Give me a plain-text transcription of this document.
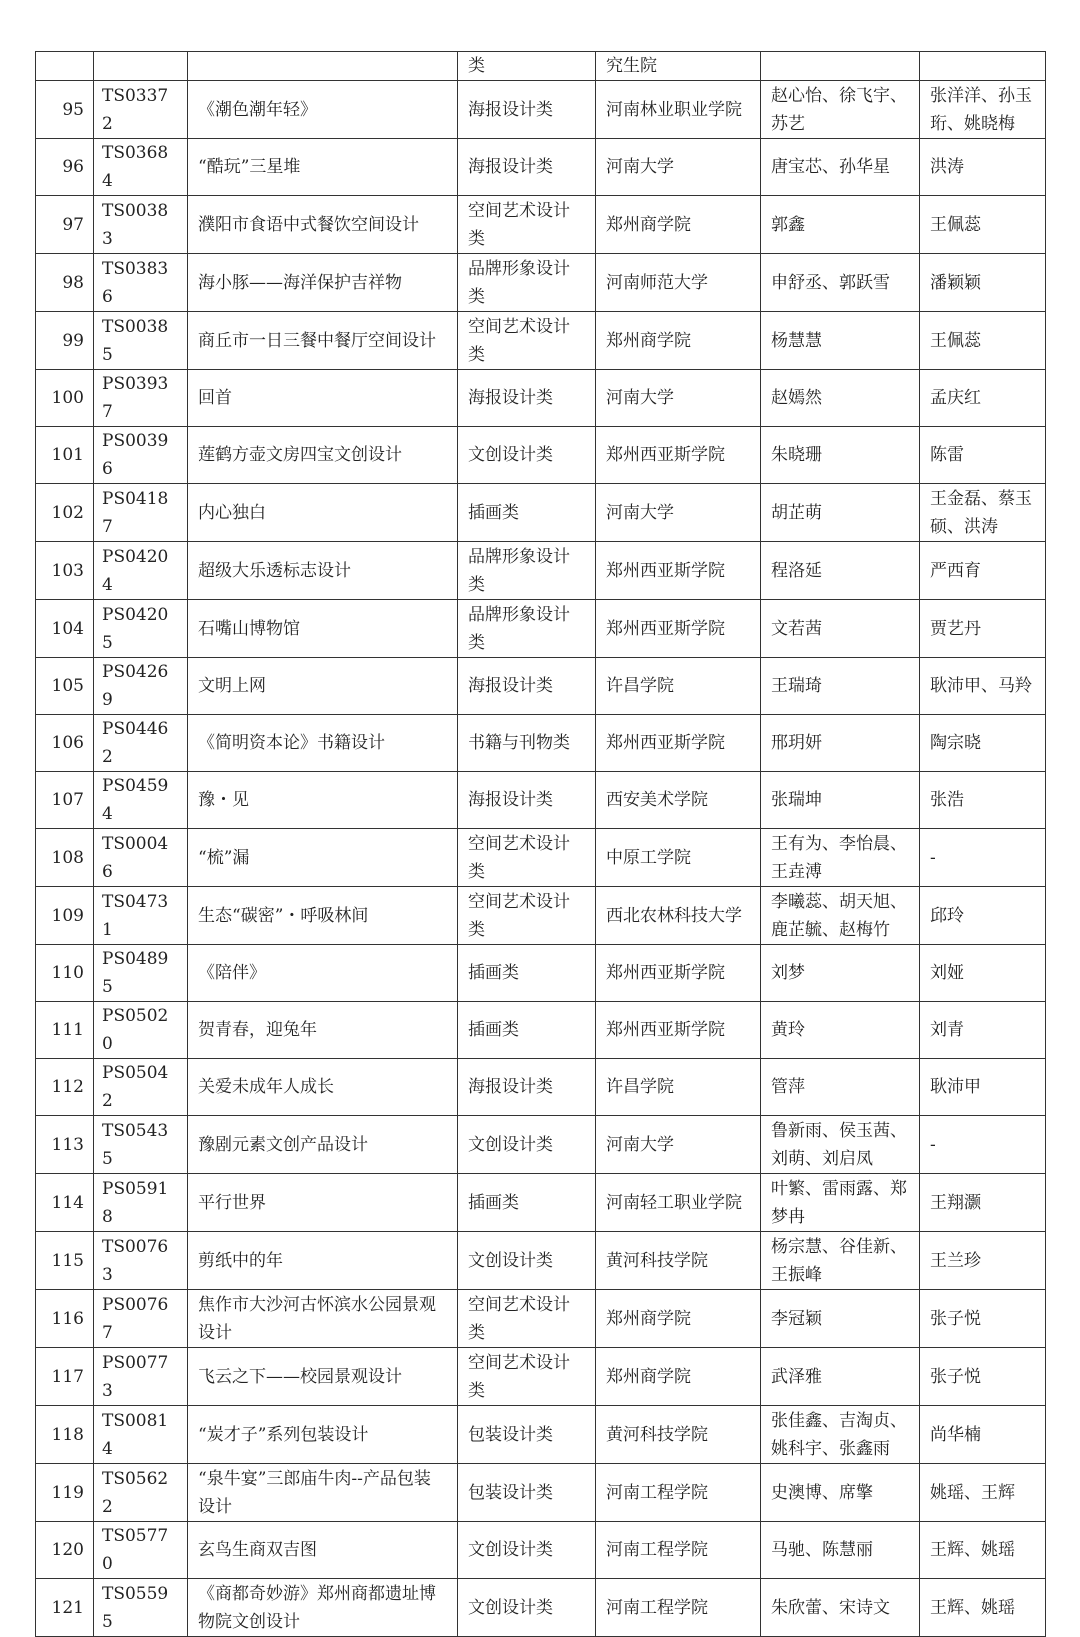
			类	究生院		
95	TS03372	《潮色潮年轻》	海报设计类	河南林业职业学院	赵心怡、徐飞宇、苏艺	张洋洋、孙玉珩、姚晓梅
96	TS03684	“酷玩”三星堆	海报设计类	河南大学	唐宝芯、孙华星	洪涛
97	TS00383	濮阳市食语中式餐饮空间设计	空间艺术设计类	郑州商学院	郭鑫	王佩蕊
98	TS03836	海小豚——海洋保护吉祥物	品牌形象设计类	河南师范大学	申舒丞、郭跃雪	潘颖颖
99	TS00385	商丘市一日三餐中餐厅空间设计	空间艺术设计类	郑州商学院	杨慧慧	王佩蕊
100	PS03937	回首	海报设计类	河南大学	赵嫣然	孟庆红
101	PS00396	莲鹤方壶文房四宝文创设计	文创设计类	郑州西亚斯学院	朱晓珊	陈雷
102	PS04187	内心独白	插画类	河南大学	胡芷萌	王金磊、蔡玉硕、洪涛
103	PS04204	超级大乐透标志设计	品牌形象设计类	郑州西亚斯学院	程洛延	严西育
104	PS04205	石嘴山博物馆	品牌形象设计类	郑州西亚斯学院	文若茜	贾艺丹
105	PS04269	文明上网	海报设计类	许昌学院	王瑞琦	耿沛甲、马羚
106	PS04462	《简明资本论》书籍设计	书籍与刊物类	郑州西亚斯学院	邢玥妍	陶宗晓
107	PS04594	豫・见	海报设计类	西安美术学院	张瑞坤	张浩
108	TS00046	“梳”漏	空间艺术设计类	中原工学院	王有为、李怡晨、王垚溥	-
109	TS04731	生态“碳密”・呼吸林间	空间艺术设计类	西北农林科技大学	李曦蕊、胡天旭、鹿芷毓、赵梅竹	邱玲
110	PS04895	《陪伴》	插画类	郑州西亚斯学院	刘梦	刘娅
111	PS05020	贺青春，迎兔年	插画类	郑州西亚斯学院	黄玲	刘青
112	PS05042	关爱未成年人成长	海报设计类	许昌学院	管萍	耿沛甲
113	TS05435	豫剧元素文创产品设计	文创设计类	河南大学	鲁新雨、侯玉茜、刘萌、刘启凤	-
114	PS05918	平行世界	插画类	河南轻工职业学院	叶繁、雷雨露、郑梦冉	王翔灏
115	TS00763	剪纸中的年	文创设计类	黄河科技学院	杨宗慧、谷佳新、王振峰	王兰珍
116	PS00767	焦作市大沙河古怀滨水公园景观设计	空间艺术设计类	郑州商学院	李冠颖	张子悦
117	PS00773	飞云之下——校园景观设计	空间艺术设计类	郑州商学院	武泽雅	张子悦
118	TS00814	“炭才子”系列包装设计	包装设计类	黄河科技学院	张佳鑫、吉淘贞、姚科宇、张鑫雨	尚华楠
119	TS05622	“泉牛宴”三郎庙牛肉--产品包装设计	包装设计类	河南工程学院	史澳博、席擎	姚瑶、王辉
120	TS05770	玄鸟生商双吉图	文创设计类	河南工程学院	马驰、陈慧丽	王辉、姚瑶
121	TS05595	《商都奇妙游》郑州商都遗址博物院文创设计	文创设计类	河南工程学院	朱欣蕾、宋诗文	王辉、姚瑶
